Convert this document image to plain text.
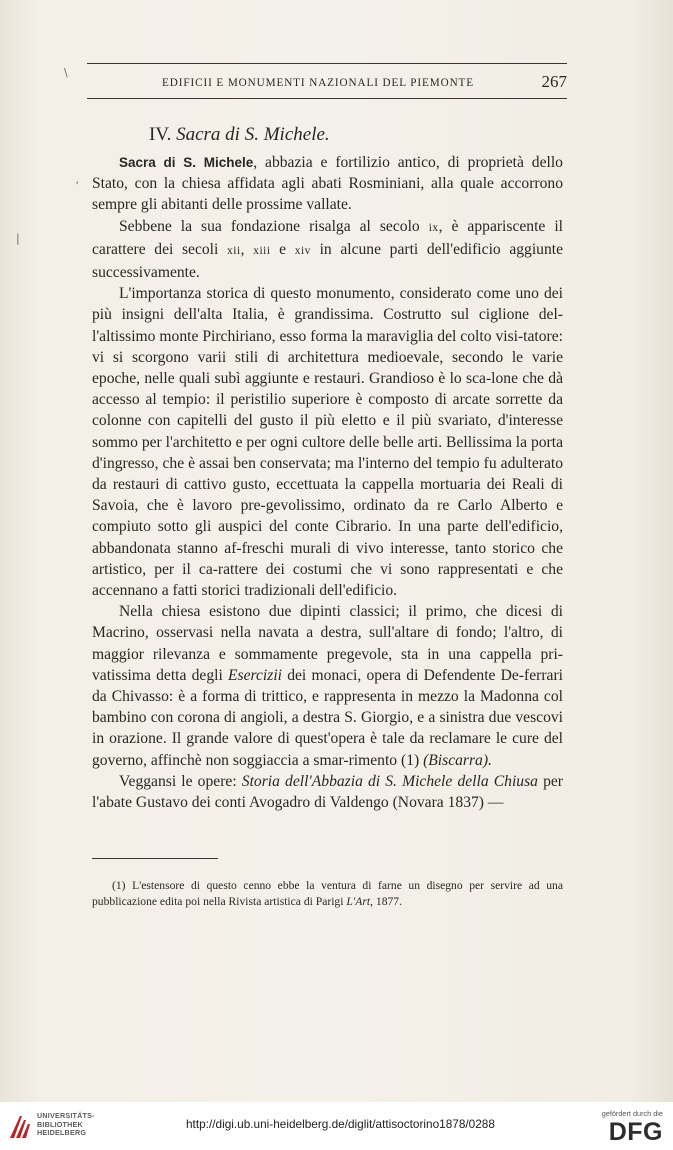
EDIFICII E MONUMENTI NAZIONALI DEL PIEMONTE	267
IV. Sacra di S. Michele.

Sacra di S. Michele, abbazia e fortilizio antico, di proprietà dello Stato, con la chiesa affidata agli abati Rosminiani, alla quale accorrono sempre gli abitanti delle prossime vallate.

Sebbene la sua fondazione risalga al secolo ix, è appariscente il carattere dei secoli xii, xiii e xiv in alcune parti dell'edificio aggiunte successivamente.

L'importanza storica di questo monumento, considerato come uno dei più insigni dell'alta Italia, è grandissima. Costrutto sul ciglione del-l'altissimo monte Pirchiriano, esso forma la maraviglia del colto visi-tatore: vi si scorgono varii stili di architettura medioevale, secondo le varie epoche, nelle quali subì aggiunte e restauri. Grandioso è lo sca-lone che dà accesso al tempio: il peristilio superiore è composto di arcate sorrette da colonne con capitelli del gusto il più eletto e il più svariato, d'interesse sommo per l'architetto e per ogni cultore delle belle arti. Bellissima la porta d'ingresso, che è assai ben conservata; ma l'interno del tempio fu adulterato da restauri di cattivo gusto, eccettuata la cappella mortuaria dei Reali di Savoia, che è lavoro pre-gevolissimo, ordinato da re Carlo Alberto e compiuto sotto gli auspici del conte Cibrario. In una parte dell'edificio, abbandonata stanno af-freschi murali di vivo interesse, tanto storico che artistico, per il ca-rattere dei costumi che vi sono rappresentati e che accennano a fatti storici tradizionali dell'edificio.

Nella chiesa esistono due dipinti classici; il primo, che dicesi di Macrino, osservasi nella navata a destra, sull'altare di fondo; l'altro, di maggior rilevanza e sommamente pregevole, sta in una cappella pri-vatissima detta degli Esercizii dei monaci, opera di Defendente De-ferrari da Chivasso: è a forma di trittico, e rappresenta in mezzo la Madonna col bambino con corona di angioli, a destra S. Giorgio, e a sinistra due vescovi in orazione. Il grande valore di quest'opera è tale da reclamare le cure del governo, affinchè non soggiaccia a smar-rimento (1) (Biscarra).

Veggansi le opere: Storia dell'Abbazia di S. Michele della Chiusa per l'abate Gustavo dei conti Avogadro di Valdengo (Novara 1837) —

(1) L'estensore di questo cenno ebbe la ventura di farne un disegno per servire ad una pubblicazione edita poi nella Rivista artistica di Parigi L'Art, 1877.

\
ʼ
|
UNIVERSITÄTS-
BIBLIOTHEK
HEIDELBERG
http://digi.ub.uni-heidelberg.de/diglit/attisoctorino1878/0288
gefördert durch die
DFG
